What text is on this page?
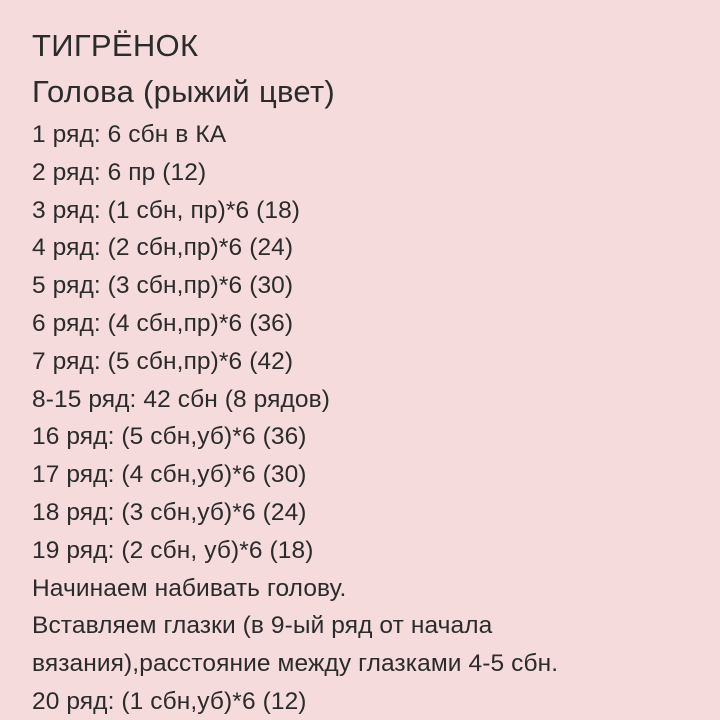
ТИГРЁНОК
Голова (рыжий цвет)
1 ряд: 6 сбн в КА
2 ряд: 6 пр (12)
3 ряд: (1 сбн, пр)*6 (18)
4 ряд: (2 сбн,пр)*6 (24)
5 ряд: (3 сбн,пр)*6 (30)
6 ряд: (4 сбн,пр)*6 (36)
7 ряд: (5 сбн,пр)*6 (42)
8-15 ряд: 42 сбн (8 рядов)
16 ряд: (5 сбн,уб)*6 (36)
17 ряд: (4 сбн,уб)*6 (30)
18 ряд: (3 сбн,уб)*6 (24)
19 ряд: (2 сбн, уб)*6 (18)
Начинаем набивать голову.
Вставляем глазки (в 9-ый ряд от начала
вязания),расстояние между глазками 4-5 сбн.
20 ряд: (1 сбн,уб)*6 (12)
